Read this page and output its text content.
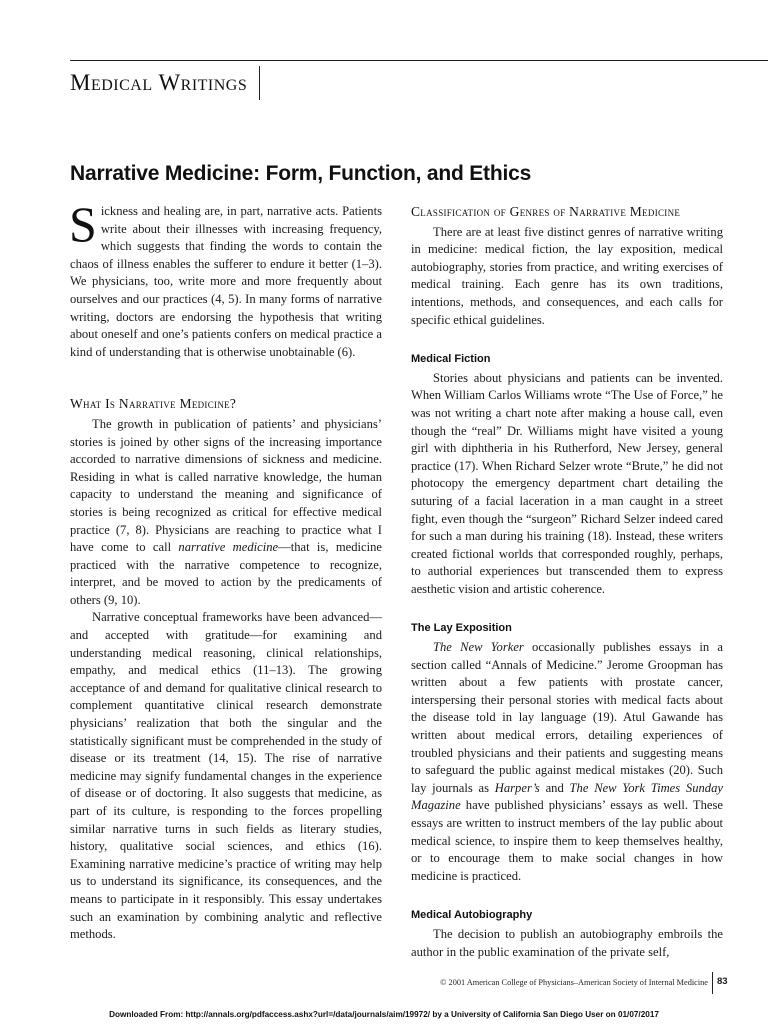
Medical Writings
Narrative Medicine: Form, Function, and Ethics

Sickness and healing are, in part, narrative acts. Patients write about their illnesses with increasing frequency, which suggests that finding the words to contain the chaos of illness enables the sufferer to endure it better (1–3). We physicians, too, write more and more frequently about ourselves and our practices (4, 5). In many forms of narrative writing, doctors are endorsing the hypothesis that writing about oneself and one’s patients confers on medical practice a kind of understanding that is otherwise unobtainable (6).

What Is Narrative Medicine?

The growth in publication of patients’ and physicians’ stories is joined by other signs of the increasing importance accorded to narrative dimensions of sickness and medicine. Residing in what is called narrative knowledge, the human capacity to understand the meaning and significance of stories is being recognized as critical for effective medical practice (7, 8). Physicians are reaching to practice what I have come to call narrative medicine—that is, medicine practiced with the narrative competence to recognize, interpret, and be moved to action by the predicaments of others (9, 10).

Narrative conceptual frameworks have been advanced—and accepted with gratitude—for examining and understanding medical reasoning, clinical relationships, empathy, and medical ethics (11–13). The growing acceptance of and demand for qualitative clinical research to complement quantitative clinical research demonstrate physicians’ realization that both the singular and the statistically significant must be comprehended in the study of disease or its treatment (14, 15). The rise of narrative medicine may signify fundamental changes in the experience of disease or of doctoring. It also suggests that medicine, as part of its culture, is responding to the forces propelling similar narrative turns in such fields as literary studies, history, qualitative social sciences, and ethics (16). Examining narrative medicine’s practice of writing may help us to understand its significance, its consequences, and the means to participate in it responsibly. This essay undertakes such an examination by combining analytic and reflective methods.

Classification of Genres of Narrative Medicine

There are at least five distinct genres of narrative writing in medicine: medical fiction, the lay exposition, medical autobiography, stories from practice, and writing exercises of medical training. Each genre has its own traditions, intentions, methods, and consequences, and each calls for specific ethical guidelines.

Medical Fiction

Stories about physicians and patients can be invented. When William Carlos Williams wrote “The Use of Force,” he was not writing a chart note after making a house call, even though the “real” Dr. Williams might have visited a young girl with diphtheria in his Rutherford, New Jersey, general practice (17). When Richard Selzer wrote “Brute,” he did not photocopy the emergency department chart detailing the suturing of a facial laceration in a man caught in a street fight, even though the “surgeon” Richard Selzer indeed cared for such a man during his training (18). Instead, these writers created fictional worlds that corresponded roughly, perhaps, to authorial experiences but transcended them to express aesthetic vision and artistic coherence.

The Lay Exposition

The New Yorker occasionally publishes essays in a section called “Annals of Medicine.” Jerome Groopman has written about a few patients with prostate cancer, interspersing their personal stories with medical facts about the disease told in lay language (19). Atul Gawande has written about medical errors, detailing experiences of troubled physicians and their patients and suggesting means to safeguard the public against medical mistakes (20). Such lay journals as Harper’s and The New York Times Sunday Magazine have published physicians’ essays as well. These essays are written to instruct members of the lay public about medical science, to inspire them to keep themselves healthy, or to encourage them to make social changes in how medicine is practiced.

Medical Autobiography

The decision to publish an autobiography embroils the author in the public examination of the private self,

© 2001 American College of Physicians–American Society of Internal Medicine 83
Downloaded From: http://annals.org/pdfaccess.ashx?url=/data/journals/aim/19972/ by a University of California San Diego User on 01/07/2017
